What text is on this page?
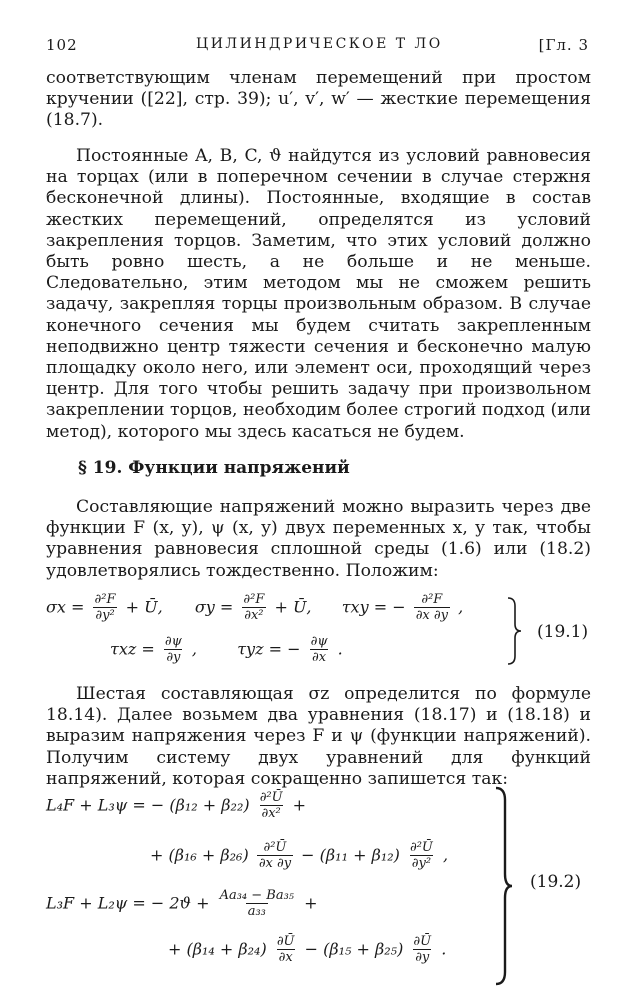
102	ЦИЛИНДРИЧЕСКОЕ Т ЛО	[Гл. 3

соответствующим членам перемещений при простом кручении ([22], стр. 39); u′, v′, w′ — жесткие перемещения (18.7).

Постоянные A, B, C, ϑ найдутся из условий равновесия на торцах (или в поперечном сечении в случае стержня бесконечной длины). Постоянные, входящие в состав жестких перемещений, определятся из условий закрепления торцов. Заметим, что этих условий должно быть ровно шесть, а не больше и не меньше. Следовательно, этим методом мы не сможем решить задачу, закрепляя торцы произвольным образом. В случае конечного сечения мы будем считать закрепленным неподвижно центр тяжести сечения и бесконечно малую площадку около него, или элемент оси, проходящий через центр. Для того чтобы решить задачу при произвольном закреплении торцов, необходим более строгий подход (или метод), которого мы здесь касаться не будем.

§ 19. Функции напряжений

Составляющие напряжений можно выразить через две функции F (x, y), ψ (x, y) двух переменных x, y так, чтобы уравнения равновесия сплошной среды (1.6) или (18.2) удовлетворялись тождественно. Положим:

$\sigma x = \frac{\text{∂²F}}{\text{∂y²}}$ + Ū, $\sigma y = \frac{\text{∂²F}}{\text{∂x²}}$ + Ū, τxy = − $\frac{\text{∂²F}}{\partial x \partial y}$ ,
$\tau xz = \frac{\partial\psi}{\partial y}$ ,	τyz = − $\frac{\partial\psi}{\partial x}$ .
(19.1)

Шестая составляющая σz определится по формуле 18.14). Далее возьмем два уравнения (18.17) и (18.18) и выразим напряжения через F и ψ (функции напряжений). Получим систему двух уравнений для функций напряжений, которая сокращенно запишется так:

L₄F + L₃ψ = − $(\beta_{12} + \beta_{22}) \frac{\text{∂²Ū}}{\text{∂x²}}$ +
+ $(\beta_{16} + \beta_{26}) \frac{\text{∂²Ū}}{\partial x \partial y} - (\beta_{11} + \beta_{12}) \frac{\text{∂²Ū}}{\text{∂y²}}$ ,
L₃F + L₂ψ = − $2ϑ + \frac{\text{Aa₃₄ − Ba₃₅}}{\text{a₃₃}}$ +
+ $(\beta_{14} + \beta_{24}) \frac{\partial Ū}{\partial x} - (\beta_{15} + \beta_{25}) \frac{\partial Ū}{\partial y}$ .
(19.2)
